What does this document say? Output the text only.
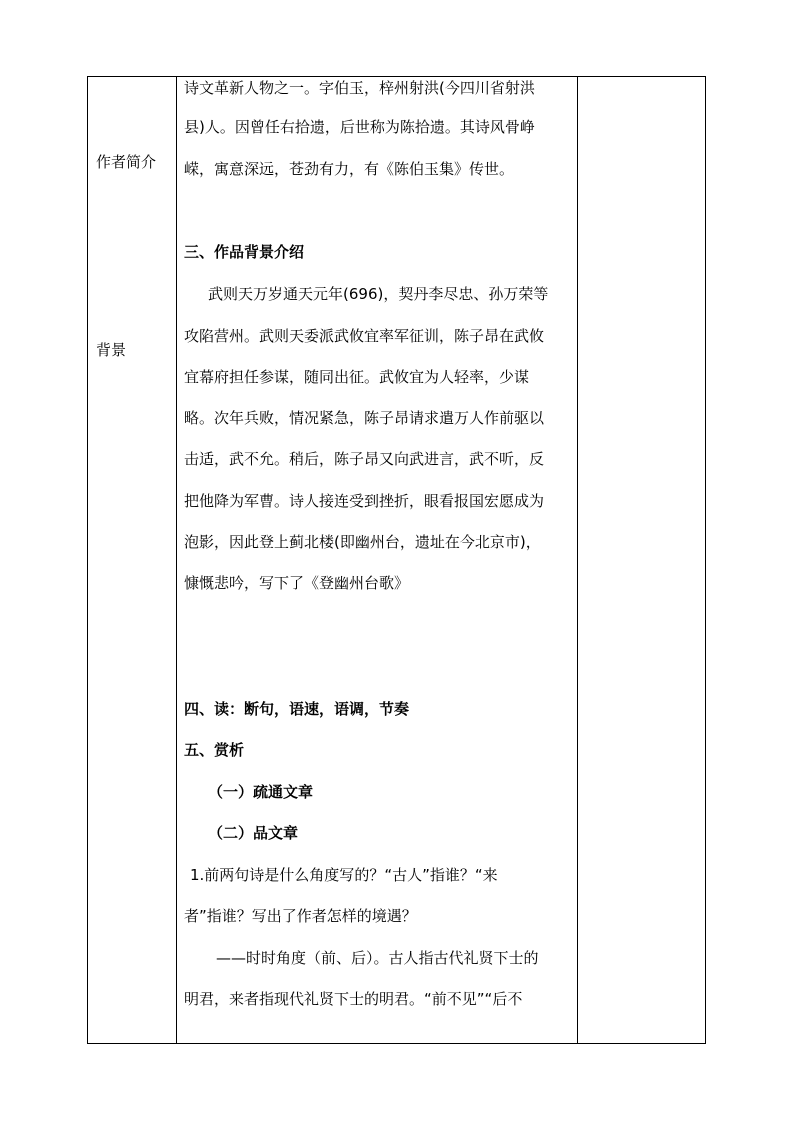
作者简介
背景
诗文革新人物之一。字伯玉，梓州射洪(今四川省射洪
县)人。因曾任右拾遗，后世称为陈拾遗。其诗风骨峥
嵘，寓意深远，苍劲有力，有《陈伯玉集》传世。
三、作品背景介绍
武则天万岁通天元年(696)，契丹李尽忠、孙万荣等
攻陷营州。武则天委派武攸宜率军征训，陈子昂在武攸
宜幕府担任参谋，随同出征。武攸宜为人轻率，少谋
略。次年兵败，情况紧急，陈子昂请求遣万人作前驱以
击适，武不允。稍后，陈子昂又向武进言，武不听，反
把他降为军曹。诗人接连受到挫折，眼看报国宏愿成为
泡影，因此登上蓟北楼(即幽州台，遗址在今北京市)，
慷慨悲吟，写下了《登幽州台歌》
四、读：断句，语速，语调，节奏
五、赏析
（一）疏通文章
（二）品文章
1.前两句诗是什么角度写的？“古人”指谁？“来
者”指谁？写出了作者怎样的境遇？
——时时角度（前、后）。古人指古代礼贤下士的
明君，来者指现代礼贤下士的明君。“前不见”“后不
